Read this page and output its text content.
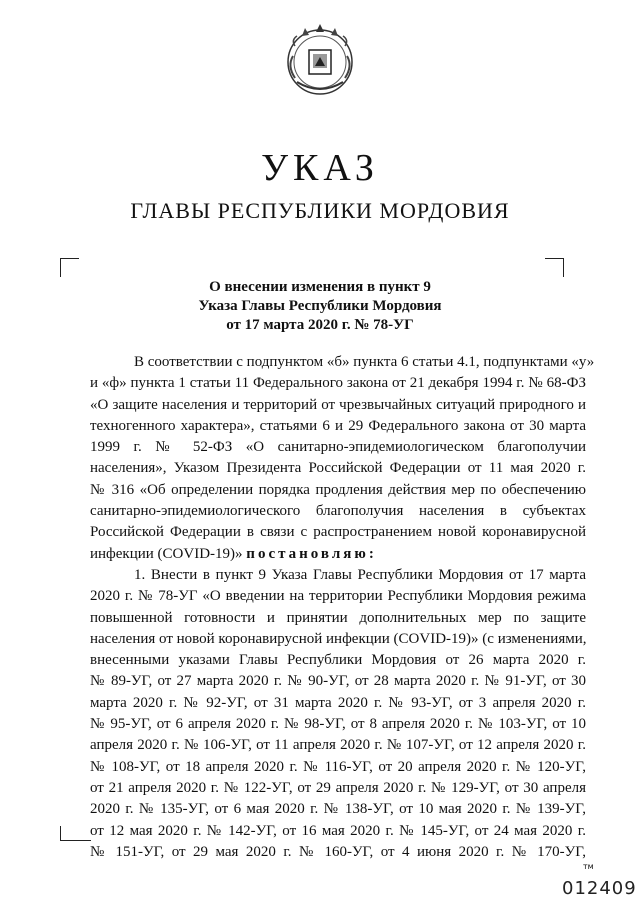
УКАЗ
ГЛАВЫ РЕСПУБЛИКИ МОРДОВИЯ
О внесении изменения в пункт 9
Указа Главы Республики Мордовия
от 17 марта 2020 г. № 78-УГ
В соответствии с подпунктом «б» пункта 6 статьи 4.1, подпунктами «у»
и «ф» пункта 1 статьи 11 Федерального закона от 21 декабря 1994 г. № 68-ФЗ
«О защите населения и территорий от чрезвычайных ситуаций природного и
техногенного характера», статьями 6 и 29 Федерального закона от 30 марта
1999 г. № 52-ФЗ «О санитарно-эпидемиологическом благополучии
населения», Указом Президента Российской Федерации от 11 мая 2020 г.
№ 316 «Об определении порядка продления действия мер по обеспечению
санитарно-эпидемиологического благополучия населения в субъектах
Российской Федерации в связи с распространением новой коронавирусной
инфекции (COVID-19)» постановляю:
1. Внести в пункт 9 Указа Главы Республики Мордовия от 17 марта
2020 г. № 78-УГ «О введении на территории Республики Мордовия режима
повышенной готовности и принятии дополнительных мер по защите
населения от новой коронавирусной инфекции (COVID-19)» (с изменениями,
внесенными указами Главы Республики Мордовия от 26 марта 2020 г.
№ 89-УГ, от 27 марта 2020 г. № 90-УГ, от 28 марта 2020 г. № 91-УГ, от 30
марта 2020 г. № 92-УГ, от 31 марта 2020 г. № 93-УГ, от 3 апреля 2020 г.
№ 95-УГ, от 6 апреля 2020 г. № 98-УГ, от 8 апреля 2020 г. № 103-УГ, от 10
апреля 2020 г. № 106-УГ, от 11 апреля 2020 г. № 107-УГ, от 12 апреля 2020 г.
№ 108-УГ, от 18 апреля 2020 г. № 116-УГ, от 20 апреля 2020 г. № 120-УГ,
от 21 апреля 2020 г. № 122-УГ, от 29 апреля 2020 г. № 129-УГ, от 30 апреля
2020 г. № 135-УГ, от 6 мая 2020 г. № 138-УГ, от 10 мая 2020 г. № 139-УГ,
от 12 мая 2020 г. № 142-УГ, от 16 мая 2020 г. № 145-УГ, от 24 мая 2020 г.
№ 151-УГ, от 29 мая 2020 г. № 160-УГ, от 4 июня 2020 г. № 170-УГ,
тм
012409
